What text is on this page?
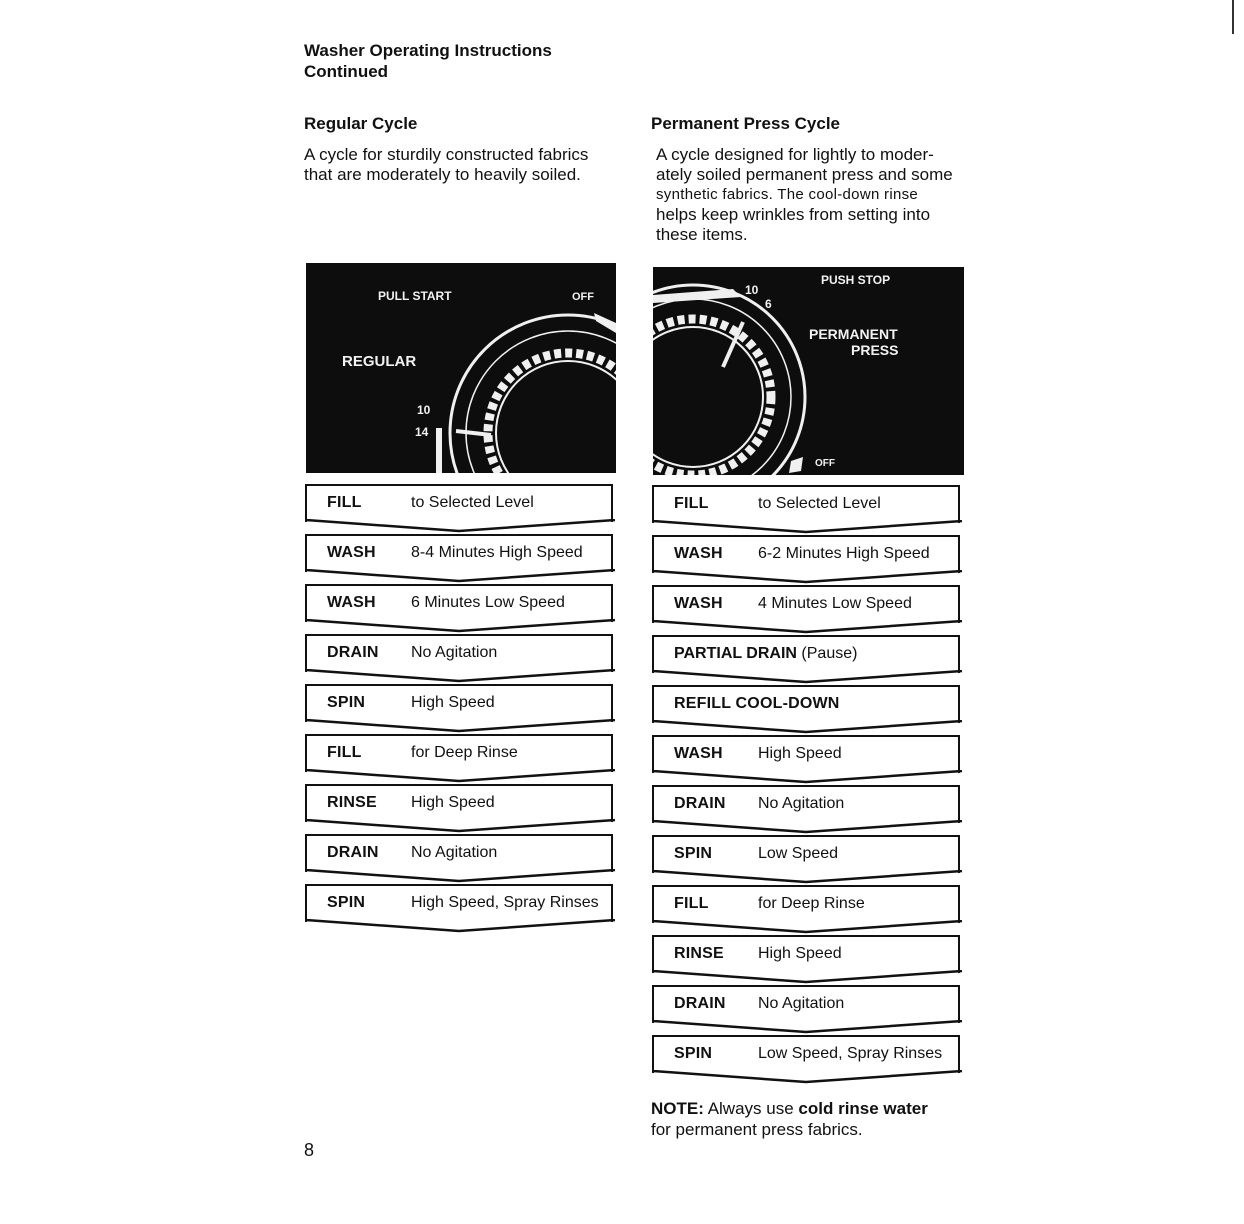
Washer Operating Instructions
Continued
Regular Cycle
A cycle for sturdily constructed fabrics that are moderately to heavily soiled.
PULL START	OFF
REGULAR
10
14
FILL	to Selected Level
WASH 8-4 Minutes High Speed
WASH 6 Minutes Low Speed
DRAIN No Agitation
SPIN	High Speed
FILL	for Deep Rinse
RINSE High Speed
DRAIN No Agitation
SPIN	High Speed, Spray Rinses
Permanent Press Cycle
A cycle designed for lightly to moder-
ately soiled permanent press and some
synthetic fabrics. The cool-down rinse
helps keep wrinkles from setting into
these items.
PUSH STOP
10
6
PERMANENT
PRESS
OFF
FILL	to Selected Level
WASH 6-2 Minutes High Speed
WASH 4 Minutes Low Speed
PARTIAL DRAIN (Pause)
REFILL COOL-DOWN
WASH High Speed
DRAIN No Agitation
SPIN	Low Speed
FILL	for Deep Rinse
RINSE High Speed
DRAIN No Agitation
SPIN	Low Speed, Spray Rinses
NOTE: Always use cold rinse water
for permanent press fabrics.
8
